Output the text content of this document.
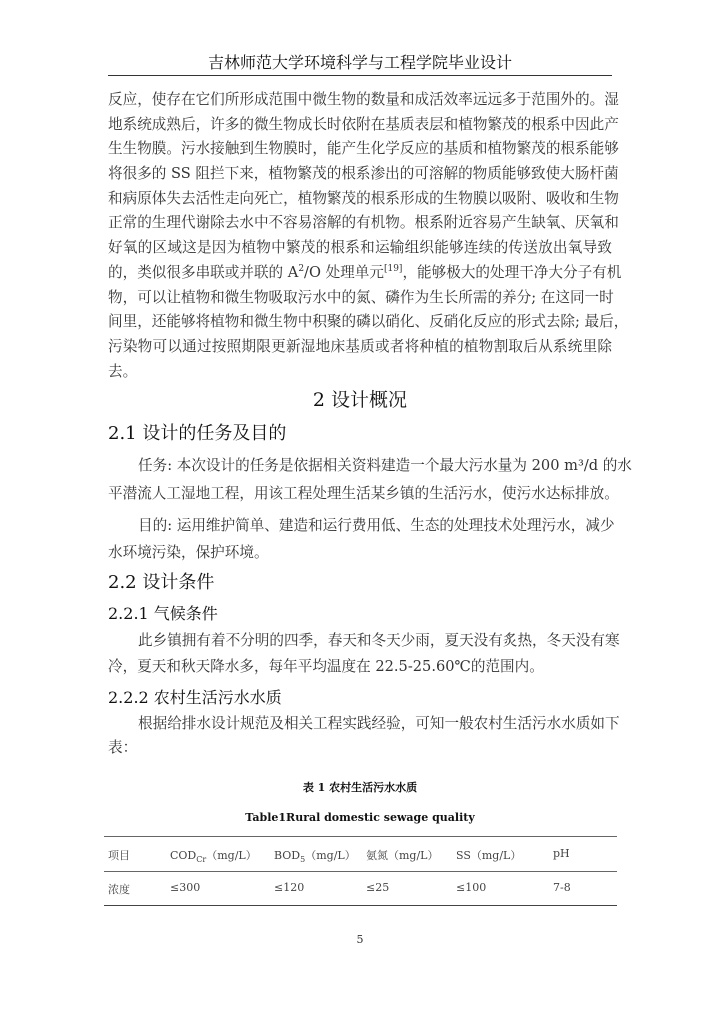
吉林师范大学环境科学与工程学院毕业设计
反应，使存在它们所形成范围中微生物的数量和成活效率远远多于范围外的。湿
地系统成熟后，许多的微生物成长时依附在基质表层和植物繁茂的根系中因此产
生生物膜。污水接触到生物膜时，能产生化学反应的基质和植物繁茂的根系能够
将很多的 SS 阻拦下来，植物繁茂的根系渗出的可溶解的物质能够致使大肠杆菌
和病原体失去活性走向死亡，植物繁茂的根系形成的生物膜以吸附、吸收和生物
正常的生理代谢除去水中不容易溶解的有机物。根系附近容易产生缺氧、厌氧和
好氧的区域这是因为植物中繁茂的根系和运输组织能够连续的传送放出氧导致
的，类似很多串联或并联的 $A^2/O$ 处理单元[19]，能够极大的处理干净大分子有机
物，可以让植物和微生物吸取污水中的氮、磷作为生长所需的养分; 在这同一时
间里，还能够将植物和微生物中积聚的磷以硝化、反硝化反应的形式去除; 最后，
污染物可以通过按照期限更新湿地床基质或者将种植的植物割取后从系统里除
去。
2 设计概况
2.1 设计的任务及目的
任务: 本次设计的任务是依据相关资料建造一个最大污水量为 200 m³/d 的水
平潜流人工湿地工程，用该工程处理生活某乡镇的生活污水，使污水达标排放。
目的: 运用维护简单、建造和运行费用低、生态的处理技术处理污水，减少
水环境污染，保护环境。
2.2 设计条件
2.2.1 气候条件
此乡镇拥有着不分明的四季，春天和冬天少雨，夏天没有炙热，冬天没有寒
冷，夏天和秋天降水多，每年平均温度在 22.5-25.60℃的范围内。
2.2.2 农村生活污水水质
根据给排水设计规范及相关工程实践经验，可知一般农村生活污水水质如下
表：
表 1 农村生活污水水质
Table1Rural domestic sewage quality
项目	$COD_{Cr}(mg/L)$ $BOD_5(mg/L)$ 氨氮（mg/L） SS（mg/L）	pH
浓度	≤300	≤120	≤25	≤100	7-8
5
